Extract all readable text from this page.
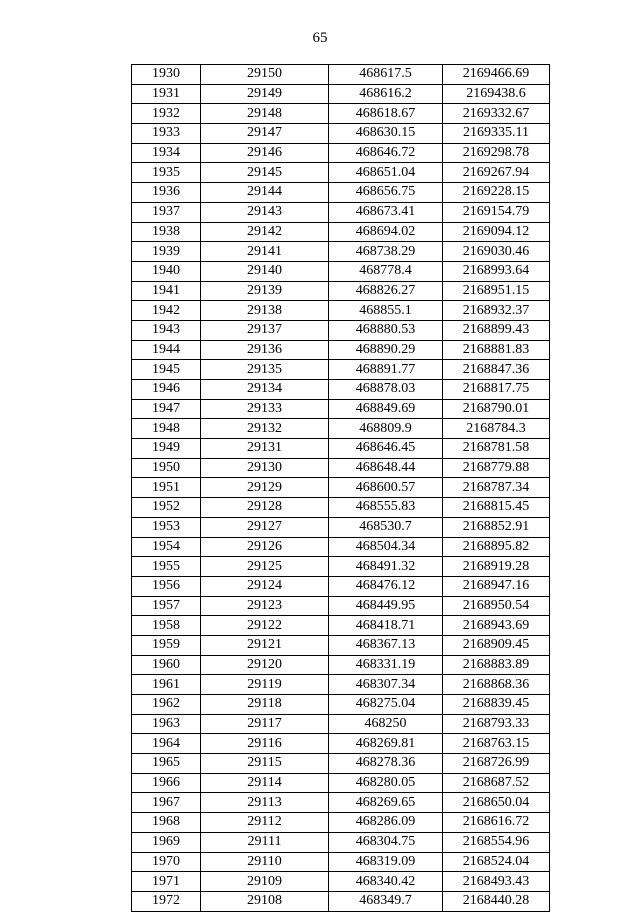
65
1930	29150	468617.5	2169466.69
1931	29149	468616.2	2169438.6
1932	29148	468618.67	2169332.67
1933	29147	468630.15	2169335.11
1934	29146	468646.72	2169298.78
1935	29145	468651.04	2169267.94
1936	29144	468656.75	2169228.15
1937	29143	468673.41	2169154.79
1938	29142	468694.02	2169094.12
1939	29141	468738.29	2169030.46
1940	29140	468778.4	2168993.64
1941	29139	468826.27	2168951.15
1942	29138	468855.1	2168932.37
1943	29137	468880.53	2168899.43
1944	29136	468890.29	2168881.83
1945	29135	468891.77	2168847.36
1946	29134	468878.03	2168817.75
1947	29133	468849.69	2168790.01
1948	29132	468809.9	2168784.3
1949	29131	468646.45	2168781.58
1950	29130	468648.44	2168779.88
1951	29129	468600.57	2168787.34
1952	29128	468555.83	2168815.45
1953	29127	468530.7	2168852.91
1954	29126	468504.34	2168895.82
1955	29125	468491.32	2168919.28
1956	29124	468476.12	2168947.16
1957	29123	468449.95	2168950.54
1958	29122	468418.71	2168943.69
1959	29121	468367.13	2168909.45
1960	29120	468331.19	2168883.89
1961	29119	468307.34	2168868.36
1962	29118	468275.04	2168839.45
1963	29117	468250	2168793.33
1964	29116	468269.81	2168763.15
1965	29115	468278.36	2168726.99
1966	29114	468280.05	2168687.52
1967	29113	468269.65	2168650.04
1968	29112	468286.09	2168616.72
1969	29111	468304.75	2168554.96
1970	29110	468319.09	2168524.04
1971	29109	468340.42	2168493.43
1972	29108	468349.7	2168440.28
